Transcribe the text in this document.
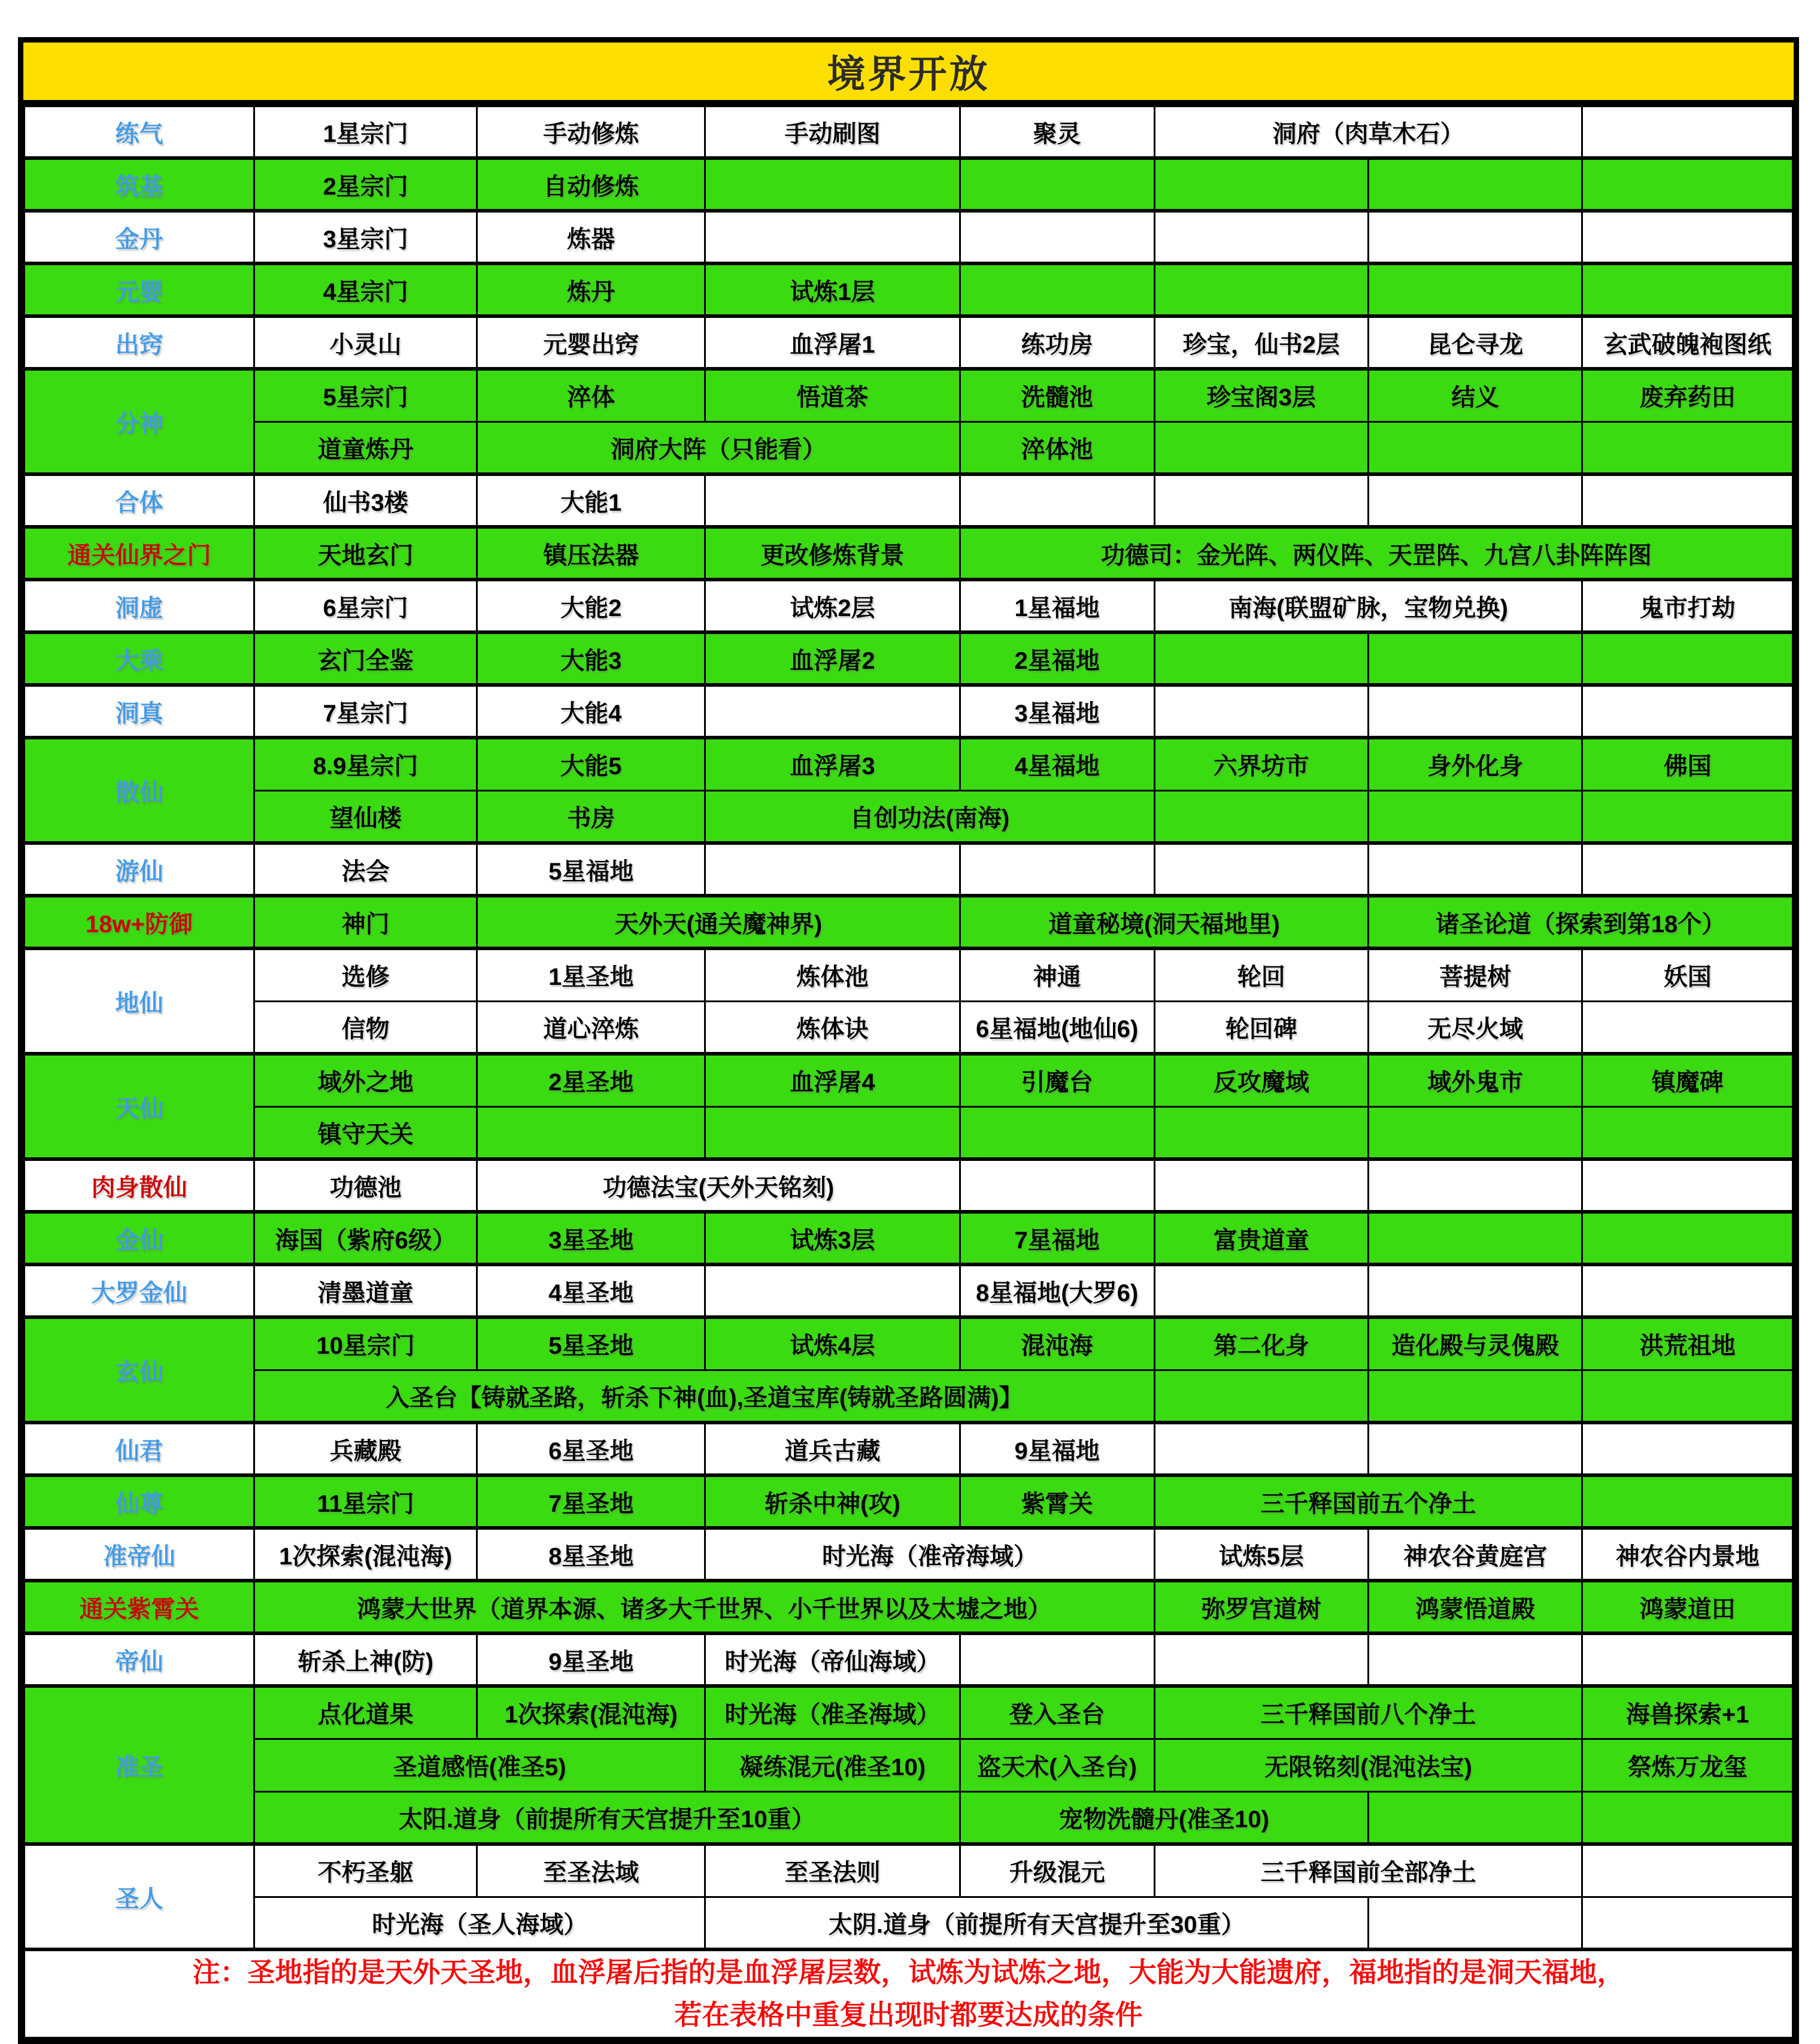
境界开放
练气	1星宗门	手动修炼	手动刷图	聚灵	洞府（肉草木石）		
筑基	2星宗门	自动修炼					
金丹	3星宗门	炼器					
元婴	4星宗门	炼丹	试炼1层				
出窍	小灵山	元婴出窍	血浮屠1	练功房	珍宝，仙书2层	昆仑寻龙	玄武破魄袍图纸
分神	5星宗门	淬体	悟道茶	洗髓池	珍宝阁3层	结义	废弃药田
	道童炼丹	洞府大阵（只能看）		淬体池			
合体	仙书3楼	大能1					
通关仙界之门	天地玄门	镇压法器	更改修炼背景	功德司：金光阵、两仪阵、天罡阵、九宫八卦阵阵图			
洞虚	6星宗门	大能2	试炼2层	1星福地	南海(联盟矿脉，宝物兑换)		鬼市打劫
大乘	玄门全鉴	大能3	血浮屠2	2星福地			
洞真	7星宗门	大能4		3星福地			
散仙	8.9星宗门	大能5	血浮屠3	4星福地	六界坊市	身外化身	佛国
	望仙楼	书房	自创功法(南海)				
游仙	法会	5星福地					
18w+防御	神门	天外天(通关魔神界)		道童秘境(洞天福地里)		诸圣论道（探索到第18个）	
地仙	选修	1星圣地	炼体池	神通	轮回	菩提树	妖国
	信物	道心淬炼	炼体诀	6星福地(地仙6)	轮回碑	无尽火域	
天仙	域外之地	2星圣地	血浮屠4	引魔台	反攻魔域	域外鬼市	镇魔碑
	镇守天关						
肉身散仙	功德池	功德法宝(天外天铭刻)					
金仙	海国（紫府6级）	3星圣地	试炼3层	7星福地	富贵道童		
大罗金仙	清墨道童	4星圣地		8星福地(大罗6)			
玄仙	10星宗门	5星圣地	试炼4层	混沌海	第二化身	造化殿与灵傀殿	洪荒祖地
	入圣台【铸就圣路，斩杀下神(血),圣道宝库(铸就圣路圆满)】						
仙君	兵藏殿	6星圣地	道兵古藏	9星福地			
仙尊	11星宗门	7星圣地	斩杀中神(攻)	紫霄关	三千释国前五个净土		
准帝仙	1次探索(混沌海)	8星圣地	时光海（准帝海域）		试炼5层	神农谷黄庭宫	神农谷内景地
通关紫霄关	鸿蒙大世界（道界本源、诸多大千世界、小千世界以及太墟之地）				弥罗宫道树	鸿蒙悟道殿	鸿蒙道田
帝仙	斩杀上神(防)	9星圣地	时光海（帝仙海域）				
准圣	点化道果	1次探索(混沌海)	时光海（准圣海域）	登入圣台	三千释国前八个净土		海兽探索+1
	圣道感悟(准圣5)		凝练混元(准圣10)	盗天术(入圣台)	无限铭刻(混沌法宝)		祭炼万龙玺
	太阳.道身（前提所有天宫提升至10重）			宠物洗髓丹(准圣10)			
圣人	不朽圣躯	至圣法域	至圣法则	升级混元	三千释国前全部净土		
	时光海（圣人海域）		太阴.道身（前提所有天宫提升至30重）				

注：圣地指的是天外天圣地，血浮屠后指的是血浮屠层数，试炼为试炼之地，大能为大能遗府，福地指的是洞天福地，
若在表格中重复出现时都要达成的条件							
